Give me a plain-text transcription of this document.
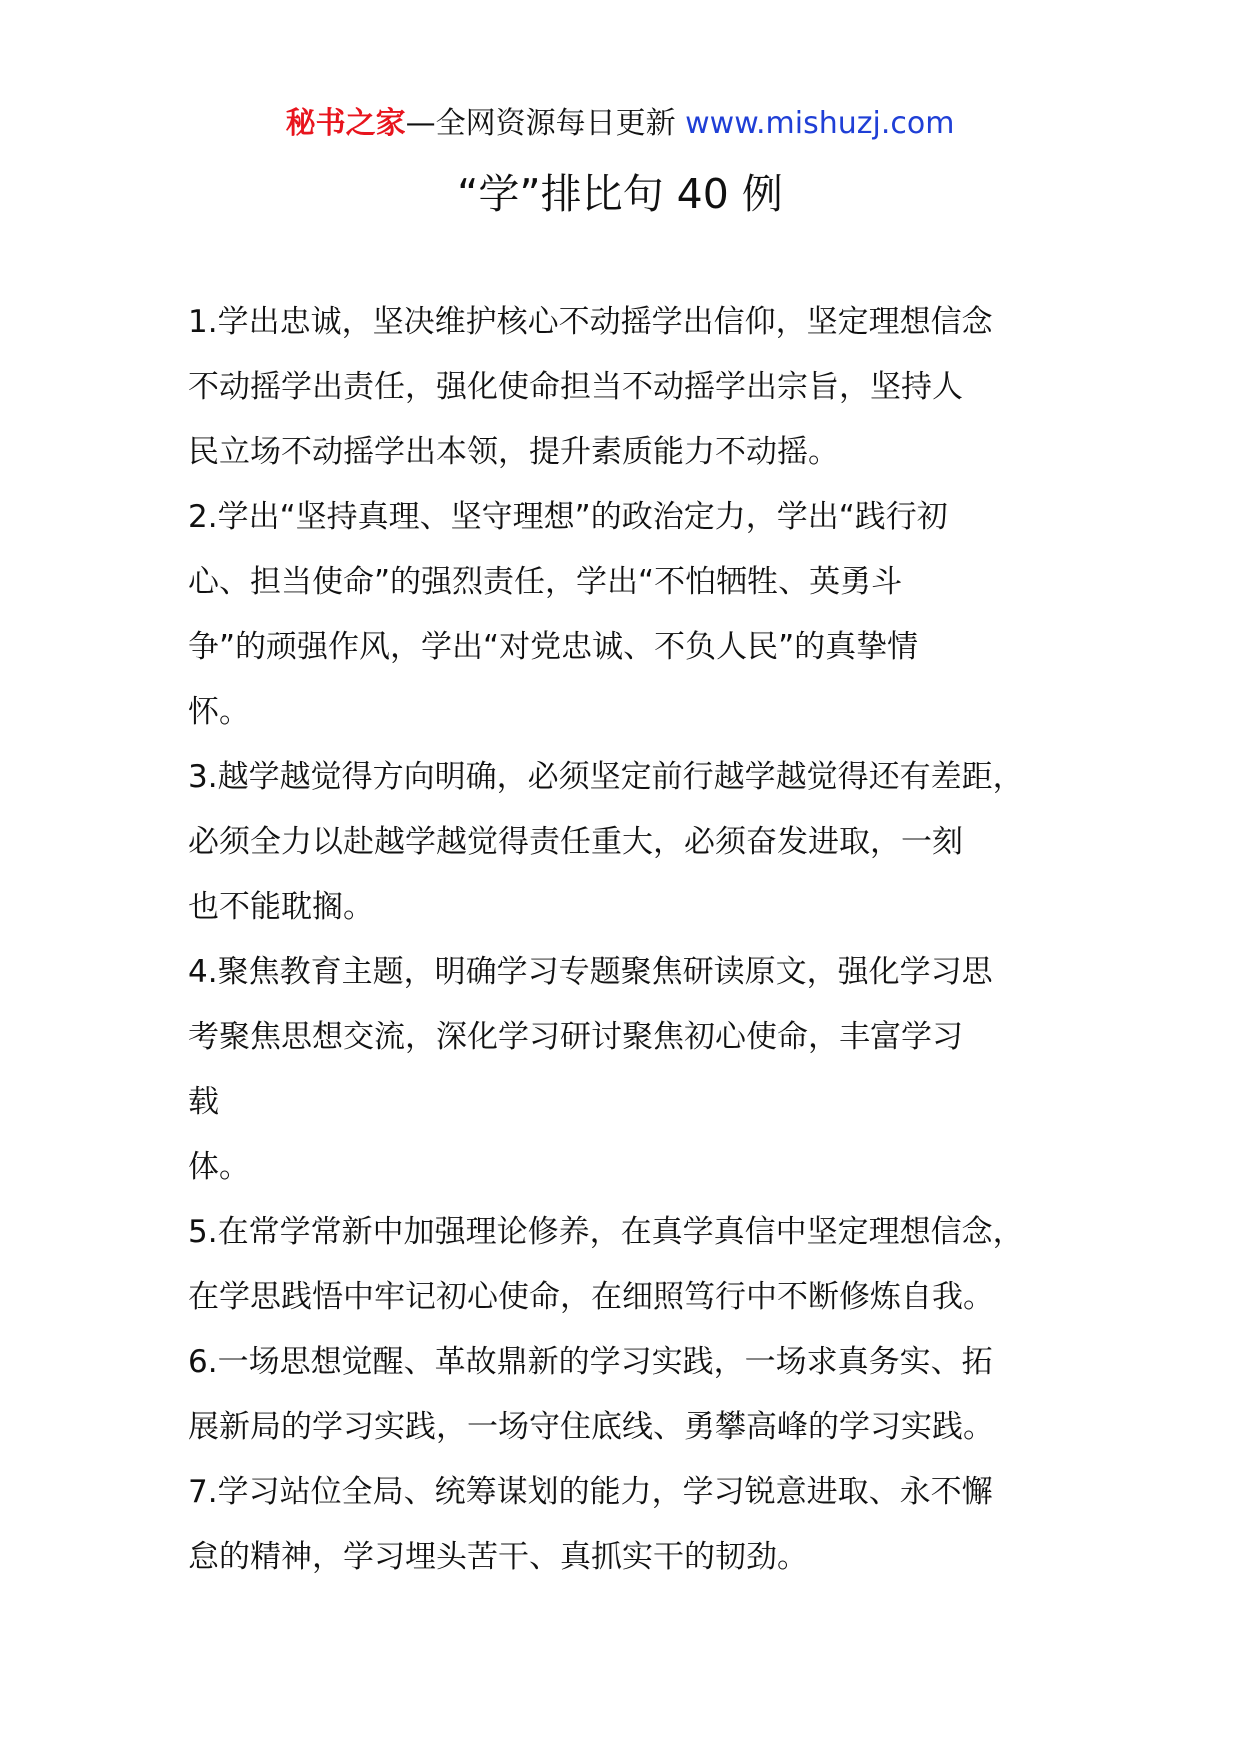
秘书之家—全网资源每日更新 www.mishuzj.com
“学”排比句 40 例
1.学出忠诚，坚决维护核心不动摇学出信仰，坚定理想信念
不动摇学出责任，强化使命担当不动摇学出宗旨，坚持人
民立场不动摇学出本领，提升素质能力不动摇。
2.学出“坚持真理、坚守理想”的政治定力，学出“践行初
心、担当使命”的强烈责任，学出“不怕牺牲、英勇斗
争”的顽强作风，学出“对党忠诚、不负人民”的真挚情
怀。
3.越学越觉得方向明确，必须坚定前行越学越觉得还有差距，
必须全力以赴越学越觉得责任重大，必须奋发进取，一刻
也不能耽搁。
4.聚焦教育主题，明确学习专题聚焦研读原文，强化学习思
考聚焦思想交流，深化学习研讨聚焦初心使命，丰富学习
载
体。
5.在常学常新中加强理论修养，在真学真信中坚定理想信念，
在学思践悟中牢记初心使命，在细照笃行中不断修炼自我。
6.一场思想觉醒、革故鼎新的学习实践，一场求真务实、拓
展新局的学习实践，一场守住底线、勇攀高峰的学习实践。
7.学习站位全局、统筹谋划的能力，学习锐意进取、永不懈
怠的精神，学习埋头苦干、真抓实干的韧劲。
